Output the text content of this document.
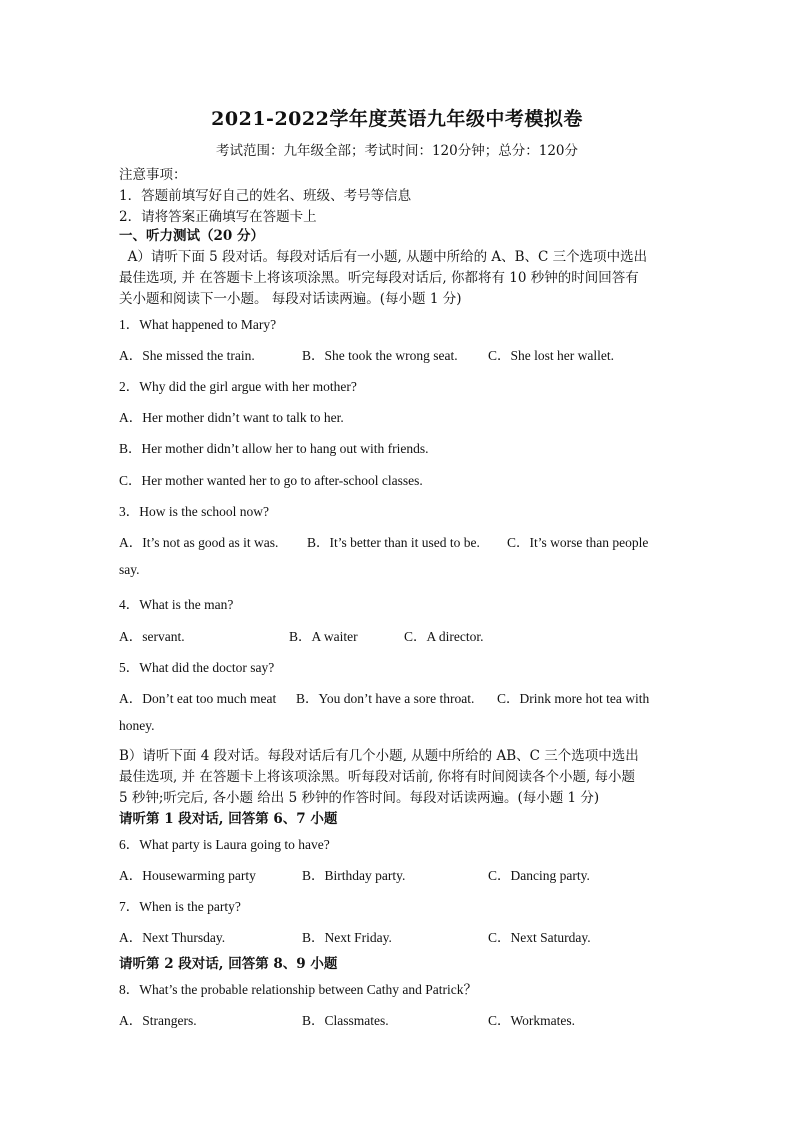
2021-2022学年度英语九年级中考模拟卷
考试范围：九年级全部；考试时间：120分钟；总分：120分
注意事项：
1．答题前填写好自己的姓名、班级、考号等信息
2．请将答案正确填写在答题卡上
一、听力测试（20 分）
A）请听下面 5 段对话。每段对话后有一小题, 从题中所给的 A、B、C 三个选项中选出
最佳选项, 并 在答题卡上将该项涂黑。听完每段对话后, 你都将有 10 秒钟的时间回答有
关小题和阅读下一小题。 每段对话读两遍。(每小题 1 分)
1．What happened to Mary?
A．She missed the train.	B．She took the wrong seat. C．She lost her wallet.
2．Why did the girl argue with her mother?
A．Her mother didn’t want to talk to her.
B．Her mother didn’t allow her to hang out with friends.
C．Her mother wanted her to go to after-school classes.
3．How is the school now?
A．It’s not as good as it was. B．It’s better than it used to be. C．It’s worse than people
say.
4．What is the man?
A．servant.	B．A waiter	C．A director.
5．What did the doctor say?
A．Don’t eat too much meat B．You don’t have a sore throat. C．Drink more hot tea with
honey.
B）请听下面 4 段对话。每段对话后有几个小题, 从题中所给的 AB、C 三个选项中选出
最佳选项, 并 在答题卡上将该项涂黑。听每段对话前, 你将有时间阅读各个小题, 每小题
5 秒钟;听完后, 各小题 给出 5 秒钟的作答时间。每段对话读两遍。(每小题 1 分)
请听第 1 段对话, 回答第 6、7 小题
6．What party is Laura going to have?
A．Housewarming party	B．Birthday party.	C．Dancing party.
7．When is the party?
A．Next Thursday.	B．Next Friday.	C．Next Saturday.
请听第 2 段对话, 回答第 8、9 小题
8．What’s the probable relationship between Cathy and Patrick？
A．Strangers.	B．Classmates.	C．Workmates.
